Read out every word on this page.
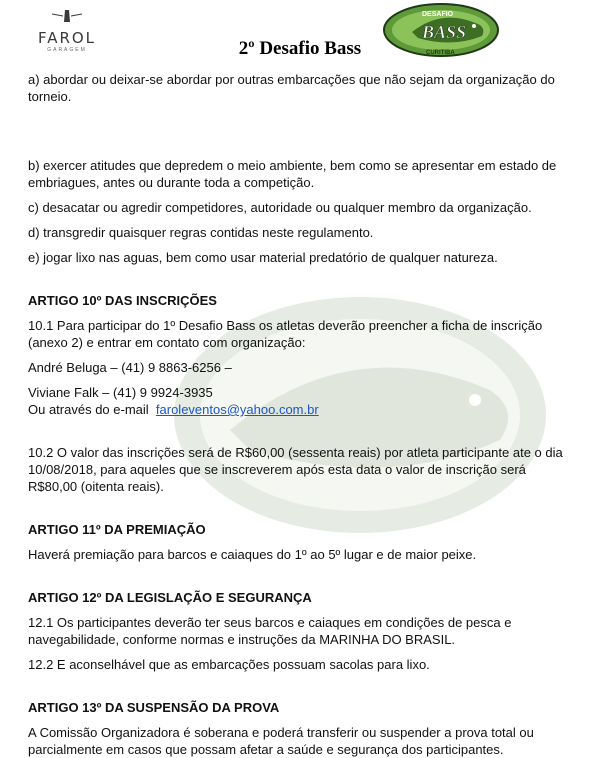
FAROL
GARAGEM	2º Desafio Bass
DESAFIO
BASS
CURITIBA

a) abordar ou deixar-se abordar por outras embarcações que não sejam da organização do torneio.

b) exercer atitudes que depredem o meio ambiente, bem como se apresentar em estado de embriagues, antes ou durante toda a competição.

c) desacatar ou agredir competidores, autoridade ou qualquer membro da organização.

d) transgredir quaisquer regras contidas neste regulamento.

e) jogar lixo nas aguas, bem como usar material predatório de qualquer natureza.

ARTIGO 10º DAS INSCRIÇÕES

10.1 Para participar do 1º Desafio Bass os atletas deverão preencher a ficha de inscrição (anexo 2) e entrar em contato com organização:

André Beluga – (41) 9 8863-6256 –

Viviane Falk – (41) 9 9924-3935

Ou através do e-mail faroleventos@yahoo.com.br

10.2 O valor das inscrições será de R$60,00 (sessenta reais) por atleta participante ate o dia 10/08/2018, para aqueles que se inscreverem após esta data o valor de inscrição será R$80,00 (oitenta reais).

ARTIGO 11º DA PREMIAÇÃO

Haverá premiação para barcos e caiaques do 1º ao 5º lugar e de maior peixe.

ARTIGO 12º DA LEGISLAÇÃO E SEGURANÇA

12.1 Os participantes deverão ter seus barcos e caiaques em condições de pesca e navegabilidade, conforme normas e instruções da MARINHA DO BRASIL.

12.2 E aconselhável que as embarcações possuam sacolas para lixo.

ARTIGO 13º DA SUSPENSÃO DA PROVA

A Comissão Organizadora é soberana e poderá transferir ou suspender a prova total ou parcialmente em casos que possam afetar a saúde e segurança dos participantes.
